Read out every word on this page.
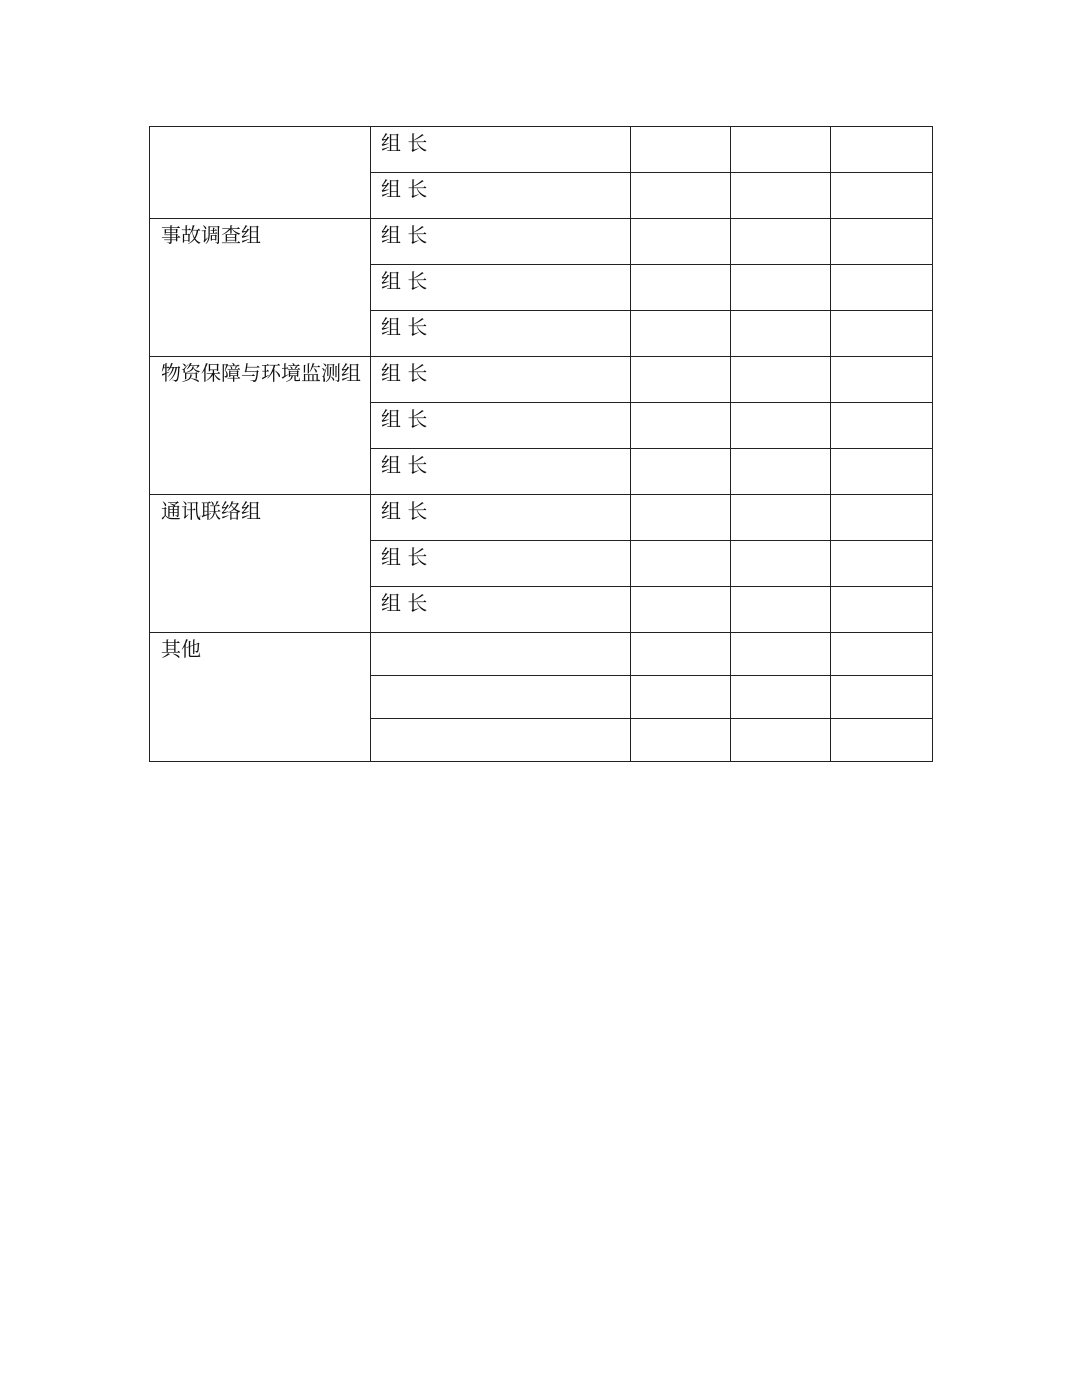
	组 长			
	组 长			
事故调查组	组 长			
	组 长			
	组 长			
物资保障与环境监测组	组 长			
	组 长			
	组 长			
通讯联络组	组 长			
	组 长			
	组 长			
其他				
